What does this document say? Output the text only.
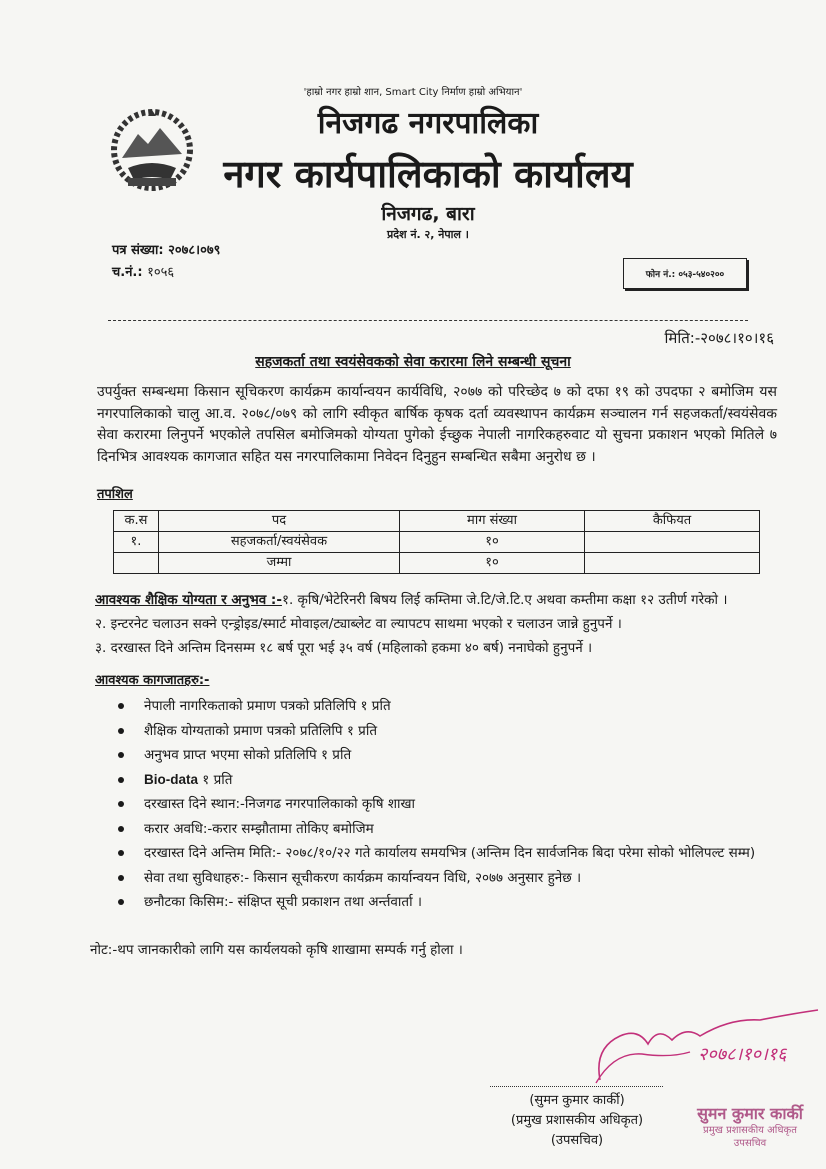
'हाम्रो नगर हाम्रो शान, Smart City निर्माण हाम्रो अभियान'
निजगढ नगरपालिका
नगर कार्यपालिकाको कार्यालय
निजगढ, बारा
प्रदेश नं. २, नेपाल ।
पत्र संख्या: २०७८।०७९
च.नं.: १०५६	फोन नं.: ०५३-५४०२००
मिति:-२०७८।१०।१६
सहजकर्ता तथा स्वयंसेवकको सेवा करारमा लिने सम्बन्धी सूचना
उपर्युक्त सम्बन्धमा किसान सूचिकरण कार्यक्रम कार्यान्वयन कार्यविधि, २०७७ को परिच्छेद ७ को दफा १९ को उपदफा २ बमोजिम यस नगरपालिकाको चालु आ.व. २०७८/०७९ को लागि स्वीकृत बार्षिक कृषक दर्ता व्यवस्थापन कार्यक्रम सञ्चालन गर्न सहजकर्ता/स्वयंसेवक सेवा करारमा लिनुपर्ने भएकोले तपसिल बमोजिमको योग्यता पुगेको ईच्छुक नेपाली नागरिकहरुवाट यो सुचना प्रकाशन भएको मितिले ७ दिनभित्र आवश्यक कागजात सहित यस नगरपालिकामा निवेदन दिनुहुन सम्बन्धित सबैमा अनुरोध छ ।
तपशिल
क.स	पद	माग संख्या	कैफियत
१.	सहजकर्ता/स्वयंसेवक	१०	
	जम्मा	१०	
आवश्यक शैक्षिक योग्यता र अनुभव :-१. कृषि/भेटेरिनरी बिषय लिई कम्तिमा जे.टि/जे.टि.ए अथवा कम्तीमा कक्षा १२ उतीर्ण गरेको ।
२. इन्टरनेट चलाउन सक्ने एन्ड्रोइड/स्मार्ट मोवाइल/ट्याब्लेट वा ल्यापटप साथमा भएको र चलाउन जान्ने हुनुपर्ने ।
३. दरखास्त दिने अन्तिम दिनसम्म १८ बर्ष पूरा भई ३५ वर्ष (महिलाको हकमा ४० बर्ष) ननाघेको हुनुपर्ने ।
आवश्यक कागजातहरु:-
नेपाली नागरिकताको प्रमाण पत्रको प्रतिलिपि १ प्रति
शैक्षिक योग्यताको प्रमाण पत्रको प्रतिलिपि १ प्रति
अनुभव प्राप्त भएमा सोको प्रतिलिपि १ प्रति
Bio-data १ प्रति
दरखास्त दिने स्थान:-निजगढ नगरपालिकाको कृषि शाखा
करार अवधि:-करार सम्झौतामा तोकिए बमोजिम
दरखास्त दिने अन्तिम मिति:- २०७८/१०/२२ गते कार्यालय समयभित्र (अन्तिम दिन सार्वजनिक बिदा परेमा सोको भोलिपल्ट सम्म)
सेवा तथा सुविधाहरु:- किसान सूचीकरण कार्यक्रम कार्यान्वयन विधि, २०७७ अनुसार हुनेछ ।
छनौटका किसिम:- संक्षिप्त सूची प्रकाशन तथा अर्न्तवार्ता ।
नोट:-थप जानकारीको लागि यस कार्यलयको कृषि शाखामा सम्पर्क गर्नु होला ।
२०७८।१०।१६
(सुमन कुमार कार्की)
(प्रमुख प्रशासकीय अधिकृत)
(उपसचिव)
सुमन कुमार कार्की
प्रमुख प्रशासकीय अधिकृत
उपसचिव
